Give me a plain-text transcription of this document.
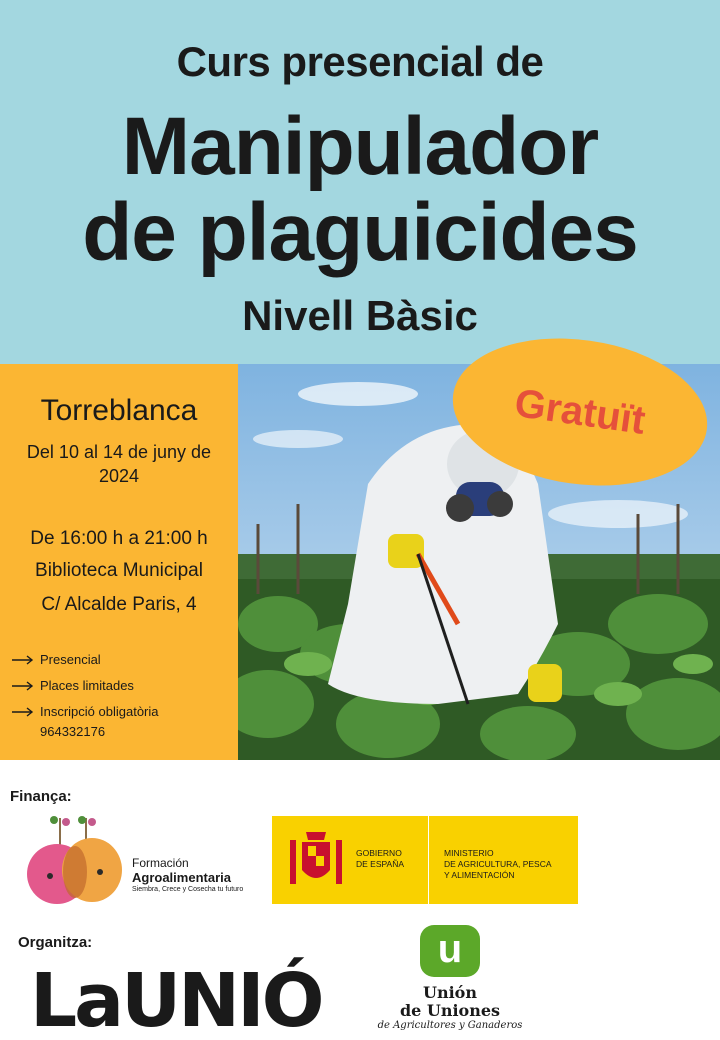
Curs presencial de
Manipulador
de plaguicides
Nivell Bàsic
Torreblanca
Del 10 al 14 de juny de 2024
De 16:00 h a 21:00 h
Biblioteca Municipal
C/ Alcalde Paris, 4
Presencial
Places limitades
Inscripció obligatòria
964332176
Gratuït
Finança:
Formación
Agroalimentaria
Siembra, Crece y Cosecha tu futuro
GOBIERNO
DE ESPAÑA
MINISTERIO
DE AGRICULTURA, PESCA
Y ALIMENTACIÓN
Organitza:
LaUNIÓ
u
Unión
de Uniones
de Agricultores y Ganaderos
